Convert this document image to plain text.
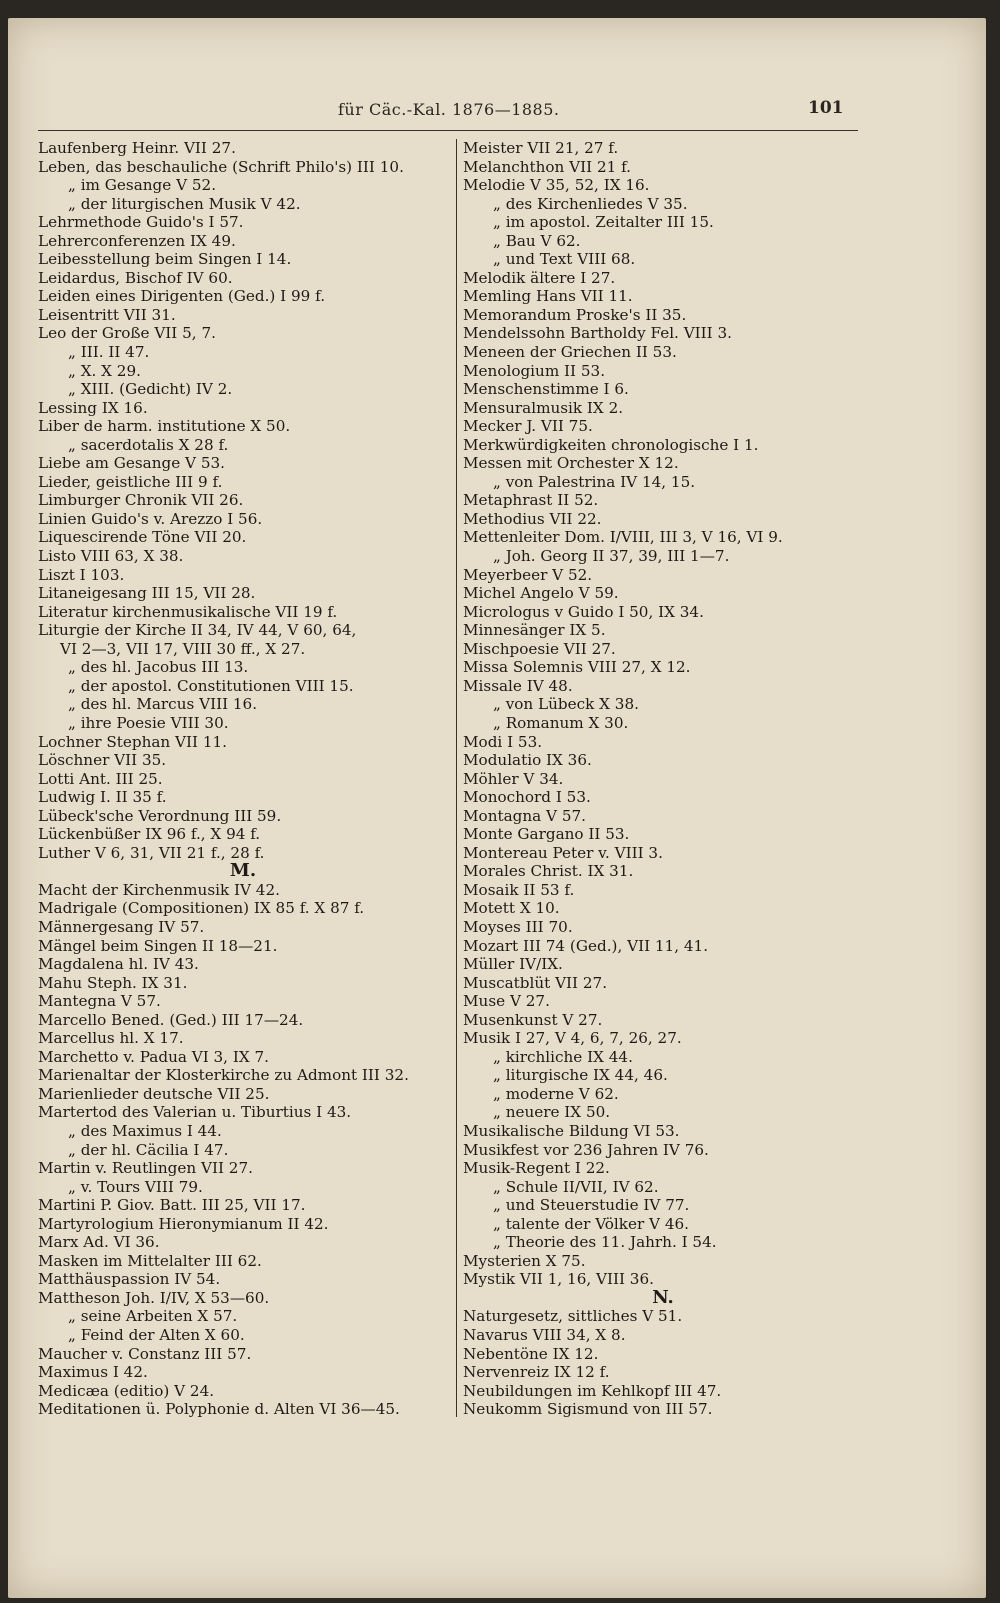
für Cäc.-Kal. 1876—1885.	101
Laufenberg Heinr. VII 27.
Leben, das beschauliche (Schrift Philo's) III 10.
„ im Gesange V 52.
„ der liturgischen Musik V 42.
Lehrmethode Guido's I 57.
Lehrerconferenzen IX 49.
Leibesstellung beim Singen I 14.
Leidardus, Bischof IV 60.
Leiden eines Dirigenten (Ged.) I 99 f.
Leisentritt VII 31.
Leo der Große VII 5, 7.
„ III. II 47.
„ X. X 29.
„ XIII. (Gedicht) IV 2.
Lessing IX 16.
Liber de harm. institutione X 50.
„ sacerdotalis X 28 f.
Liebe am Gesange V 53.
Lieder, geistliche III 9 f.
Limburger Chronik VII 26.
Linien Guido's v. Arezzo I 56.
Liquescirende Töne VII 20.
Listo VIII 63, X 38.
Liszt I 103.
Litaneigesang III 15, VII 28.
Literatur kirchenmusikalische VII 19 f.
Liturgie der Kirche II 34, IV 44, V 60, 64,
VI 2—3, VII 17, VIII 30 ff., X 27.
„ des hl. Jacobus III 13.
„ der apostol. Constitutionen VIII 15.
„ des hl. Marcus VIII 16.
„ ihre Poesie VIII 30.
Lochner Stephan VII 11.
Löschner VII 35.
Lotti Ant. III 25.
Ludwig I. II 35 f.
Lübeck'sche Verordnung III 59.
Lückenbüßer IX 96 f., X 94 f.
Luther V 6, 31, VII 21 f., 28 f.
M.
Macht der Kirchenmusik IV 42.
Madrigale (Compositionen) IX 85 f. X 87 f.
Männergesang IV 57.
Mängel beim Singen II 18—21.
Magdalena hl. IV 43.
Mahu Steph. IX 31.
Mantegna V 57.
Marcello Bened. (Ged.) III 17—24.
Marcellus hl. X 17.
Marchetto v. Padua VI 3, IX 7.
Marienaltar der Klosterkirche zu Admont III 32.
Marienlieder deutsche VII 25.
Martertod des Valerian u. Tiburtius I 43.
„ des Maximus I 44.
„ der hl. Cäcilia I 47.
Martin v. Reutlingen VII 27.
„ v. Tours VIII 79.
Martini P. Giov. Batt. III 25, VII 17.
Martyrologium Hieronymianum II 42.
Marx Ad. VI 36.
Masken im Mittelalter III 62.
Matthäuspassion IV 54.
Mattheson Joh. I/IV, X 53—60.
„ seine Arbeiten X 57.
„ Feind der Alten X 60.
Maucher v. Constanz III 57.
Maximus I 42.
Medicæa (editio) V 24.
Meditationen ü. Polyphonie d. Alten VI 36—45.
Meister VII 21, 27 f.
Melanchthon VII 21 f.
Melodie V 35, 52, IX 16.
„ des Kirchenliedes V 35.
„ im apostol. Zeitalter III 15.
„ Bau V 62.
„ und Text VIII 68.
Melodik ältere I 27.
Memling Hans VII 11.
Memorandum Proske's II 35.
Mendelssohn Bartholdy Fel. VIII 3.
Meneen der Griechen II 53.
Menologium II 53.
Menschenstimme I 6.
Mensuralmusik IX 2.
Mecker J. VII 75.
Merkwürdigkeiten chronologische I 1.
Messen mit Orchester X 12.
„ von Palestrina IV 14, 15.
Metaphrast II 52.
Methodius VII 22.
Mettenleiter Dom. I/VIII, III 3, V 16, VI 9.
„ Joh. Georg II 37, 39, III 1—7.
Meyerbeer V 52.
Michel Angelo V 59.
Micrologus v Guido I 50, IX 34.
Minnesänger IX 5.
Mischpoesie VII 27.
Missa Solemnis VIII 27, X 12.
Missale IV 48.
„ von Lübeck X 38.
„ Romanum X 30.
Modi I 53.
Modulatio IX 36.
Möhler V 34.
Monochord I 53.
Montagna V 57.
Monte Gargano II 53.
Montereau Peter v. VIII 3.
Morales Christ. IX 31.
Mosaik II 53 f.
Motett X 10.
Moyses III 70.
Mozart III 74 (Ged.), VII 11, 41.
Müller IV/IX.
Muscatblüt VII 27.
Muse V 27.
Musenkunst V 27.
Musik I 27, V 4, 6, 7, 26, 27.
„ kirchliche IX 44.
„ liturgische IX 44, 46.
„ moderne V 62.
„ neuere IX 50.
Musikalische Bildung VI 53.
Musikfest vor 236 Jahren IV 76.
Musik-Regent I 22.
„ Schule II/VII, IV 62.
„ und Steuerstudie IV 77.
„ talente der Völker V 46.
„ Theorie des 11. Jahrh. I 54.
Mysterien X 75.
Mystik VII 1, 16, VIII 36.
N.
Naturgesetz, sittliches V 51.
Navarus VIII 34, X 8.
Nebentöne IX 12.
Nervenreiz IX 12 f.
Neubildungen im Kehlkopf III 47.
Neukomm Sigismund von III 57.
